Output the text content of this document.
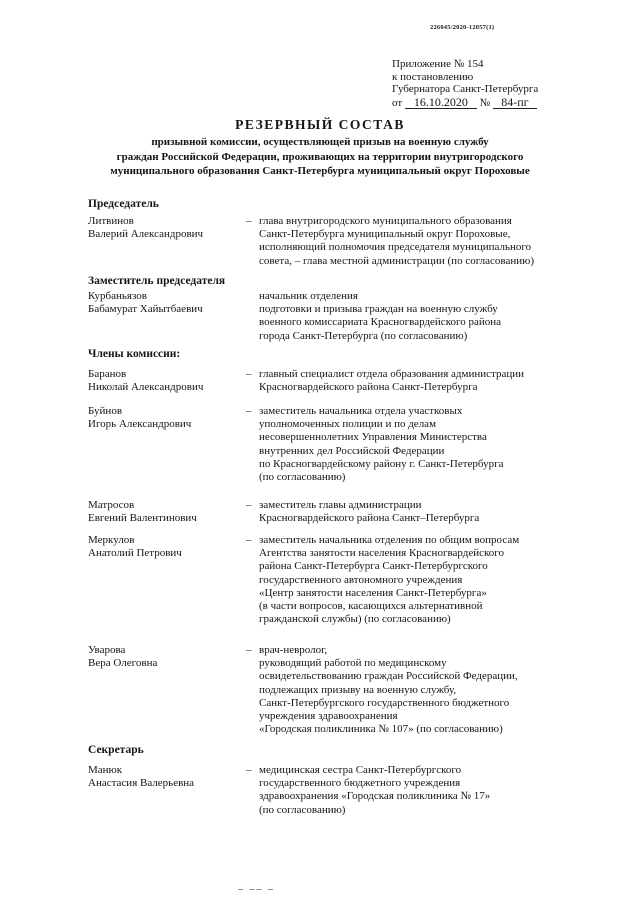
226045/2020-12057(1)
Приложение № 154
к постановлению
Губернатора Санкт-Петербурга
от 16.10.2020 № 84-пг
РЕЗЕРВНЫЙ СОСТАВ
призывной комиссии, осуществляющей призыв на военную службу
граждан Российской Федерации, проживающих на территории внутригородского
муниципального образования Санкт-Петербурга муниципальный округ Пороховые
Председатель
Литвинов
Валерий Александрович
– глава внутригородского муниципального образования
Санкт-Петербурга муниципальный округ Пороховые,
исполняющий полномочия председателя муниципального
совета, – глава местной администрации (по согласованию)
Заместитель председателя
Курбаньязов
Бабамурат Хайытбаевич
начальник отделения
подготовки и призыва граждан на военную службу
военного комиссариата Красногвардейского района
города Санкт-Петербурга (по согласованию)
Члены комиссии:
Баранов
Николай Александрович
– главный специалист отдела образования администрации
Красногвардейского района Санкт-Петербурга
Буйнов
Игорь Александрович
– заместитель начальника отдела участковых
уполномоченных полиции и по делам
несовершеннолетних Управления Министерства
внутренних дел Российской Федерации
по Красногвардейскому району г. Санкт-Петербурга
(по согласованию)
Матросов
Евгений Валентинович
– заместитель главы администрации
Красногвардейского района Санкт–Петербурга
Меркулов
Анатолий Петрович
– заместитель начальника отделения по общим вопросам
Агентства занятости населения Красногвардейского
района Санкт-Петербурга Санкт-Петербургского
государственного автономного учреждения
«Центр занятости населения Санкт-Петербурга»
(в части вопросов, касающихся альтернативной
гражданской службы) (по согласованию)
Уварова
Вера Олеговна
– врач-невролог,
руководящий работой по медицинскому
освидетельствованию граждан Российской Федерации,
подлежащих призыву на военную службу,
Санкт-Петербургского государственного бюджетного
учреждения здравоохранения
«Городская поликлиника № 107» (по согласованию)
Секретарь
Манюк
Анастасия Валерьевна
– медицинская сестра Санкт-Петербургского
государственного бюджетного учреждения
здравоохранения «Городская поликлиника № 17»
(по согласованию)
_ __ _
